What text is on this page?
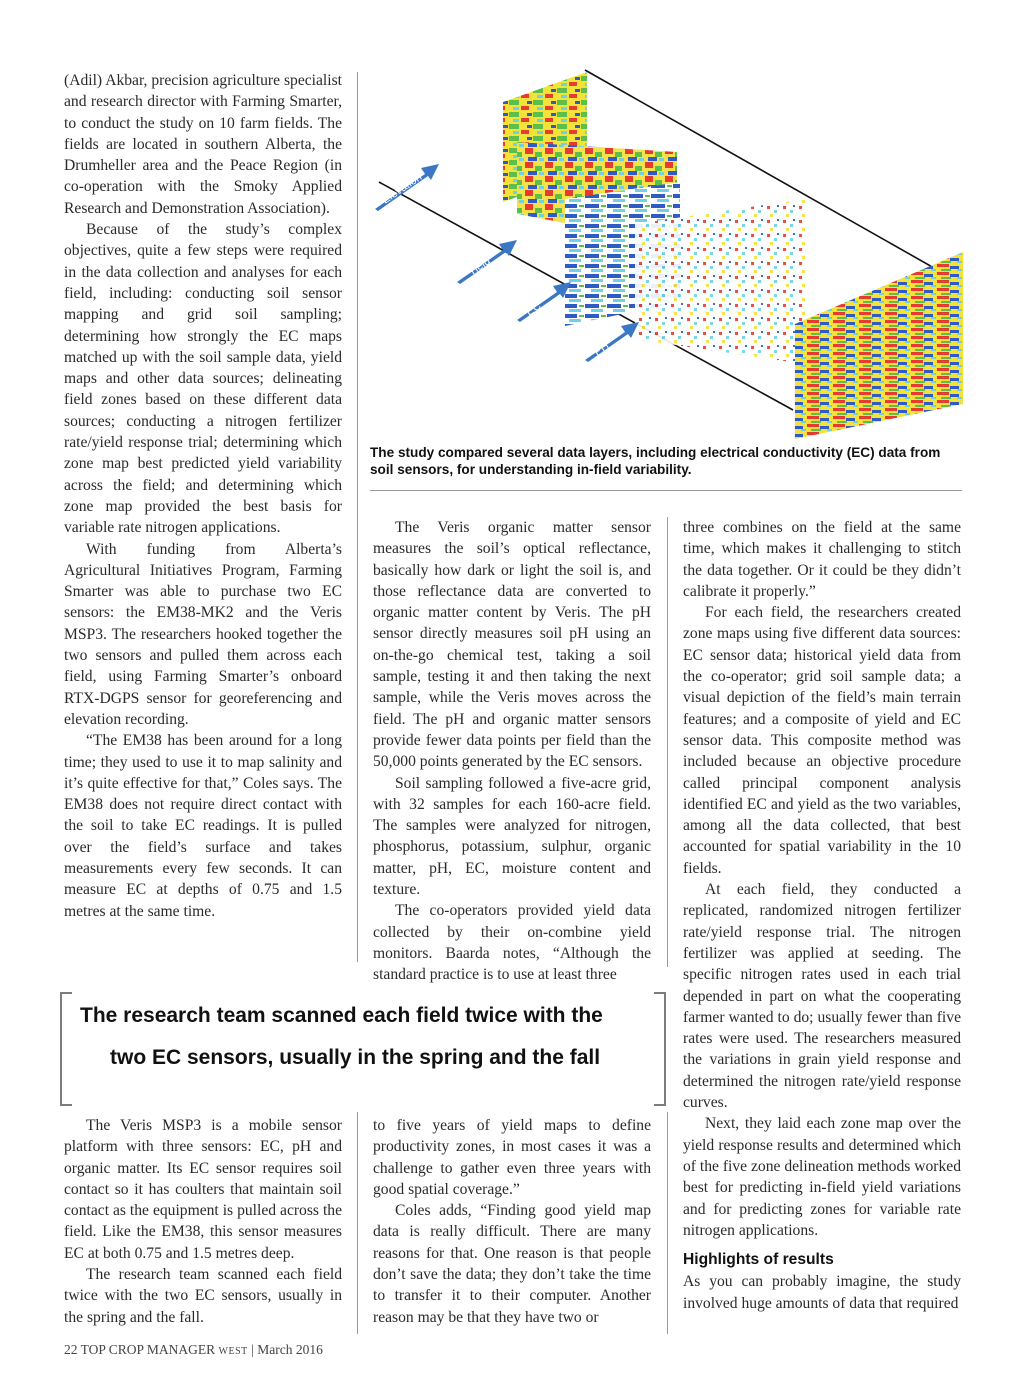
(Adil) Akbar, precision agriculture specialist and research director with Farming Smarter, to conduct the study on 10 farm fields. The fields are located in southern Alberta, the Drumheller area and the Peace Region (in co-operation with the Smoky Applied Research and Demonstration Association).

Because of the study’s complex objectives, quite a few steps were required in the data collection and analyses for each field, including: conducting soil sensor mapping and grid soil sampling; determining how strongly the EC maps matched up with the soil sample data, yield maps and other data sources; delineating field zones based on these different data sources; conducting a nitrogen fertilizer rate/yield response trial; determining which zone map best predicted yield variability across the field; and determining which zone map provided the best basis for variable rate nitrogen applications.

With funding from Alberta’s Agricultural Initiatives Program, Farming Smarter was able to purchase two EC sensors: the EM38-MK2 and the Veris MSP3. The researchers hooked together the two sensors and pulled them across each field, using Farming Smarter’s onboard RTX-DGPS sensor for georeferencing and elevation recording.

“The EM38 has been around for a long time; they used to use it to map salinity and it’s quite effective for that,” Coles says. The EM38 does not require direct contact with the soil to take EC readings. It is pulled over the field’s surface and takes measurements every few seconds. It can measure EC at depths of 0.75 and 1.5 metres at the same time.

Elevation
Yield
EC
PH
The study compared several data layers, including electrical conductivity (EC) data from soil sensors, for understanding in-field variability.

The Veris organic matter sensor measures the soil’s optical reflectance, basically how dark or light the soil is, and those reflectance data are converted to organic matter content by Veris. The pH sensor directly measures soil pH using an on-the-go chemical test, taking a soil sample, testing it and then taking the next sample, while the Veris moves across the field. The pH and organic matter sensors provide fewer data points per field than the 50,000 points generated by the EC sensors.

Soil sampling followed a five-acre grid, with 32 samples for each 160-acre field. The samples were analyzed for nitrogen, phosphorus, potassium, sulphur, organic matter, pH, EC, moisture content and texture.

The co-operators provided yield data collected by their on-combine yield monitors. Baarda notes, “Although the standard practice is to use at least three

three combines on the field at the same time, which makes it challenging to stitch the data together. Or it could be they didn’t calibrate it properly.”

For each field, the researchers created zone maps using five different data sources: EC sensor data; historical yield data from the co-operator; grid soil sample data; a visual depiction of the field’s main terrain features; and a composite of yield and EC sensor data. This composite method was included because an objective procedure called principal component analysis identified EC and yield as the two variables, among all the data collected, that best accounted for spatial variability in the 10 fields.

At each field, they conducted a replicated, randomized nitrogen fertilizer rate/yield response trial. The nitrogen fertilizer was applied at seeding. The specific nitrogen rates used in each trial depended in part on what the cooperating farmer wanted to do; usually fewer than five rates were used. The researchers measured the variations in grain yield response and determined the nitrogen rate/yield response curves.

Next, they laid each zone map over the yield response results and determined which of the five zone delineation methods worked best for predicting in-field yield variations and for predicting zones for variable rate nitrogen applications.

Highlights of results

As you can probably imagine, the study involved huge amounts of data that required

The research team scanned each field twice with the
two EC sensors, usually in the spring and the fall

The Veris MSP3 is a mobile sensor platform with three sensors: EC, pH and organic matter. Its EC sensor requires soil contact so it has coulters that maintain soil contact as the equipment is pulled across the field. Like the EM38, this sensor measures EC at both 0.75 and 1.5 metres deep.

The research team scanned each field twice with the two EC sensors, usually in the spring and the fall.

to five years of yield maps to define productivity zones, in most cases it was a challenge to gather even three years with good spatial coverage.”

Coles adds, “Finding good yield map data is really difficult. There are many reasons for that. One reason is that people don’t save the data; they don’t take the time to transfer it to their computer. Another reason may be that they have two or

22 TOP CROP MANAGER WEST | March 2016
